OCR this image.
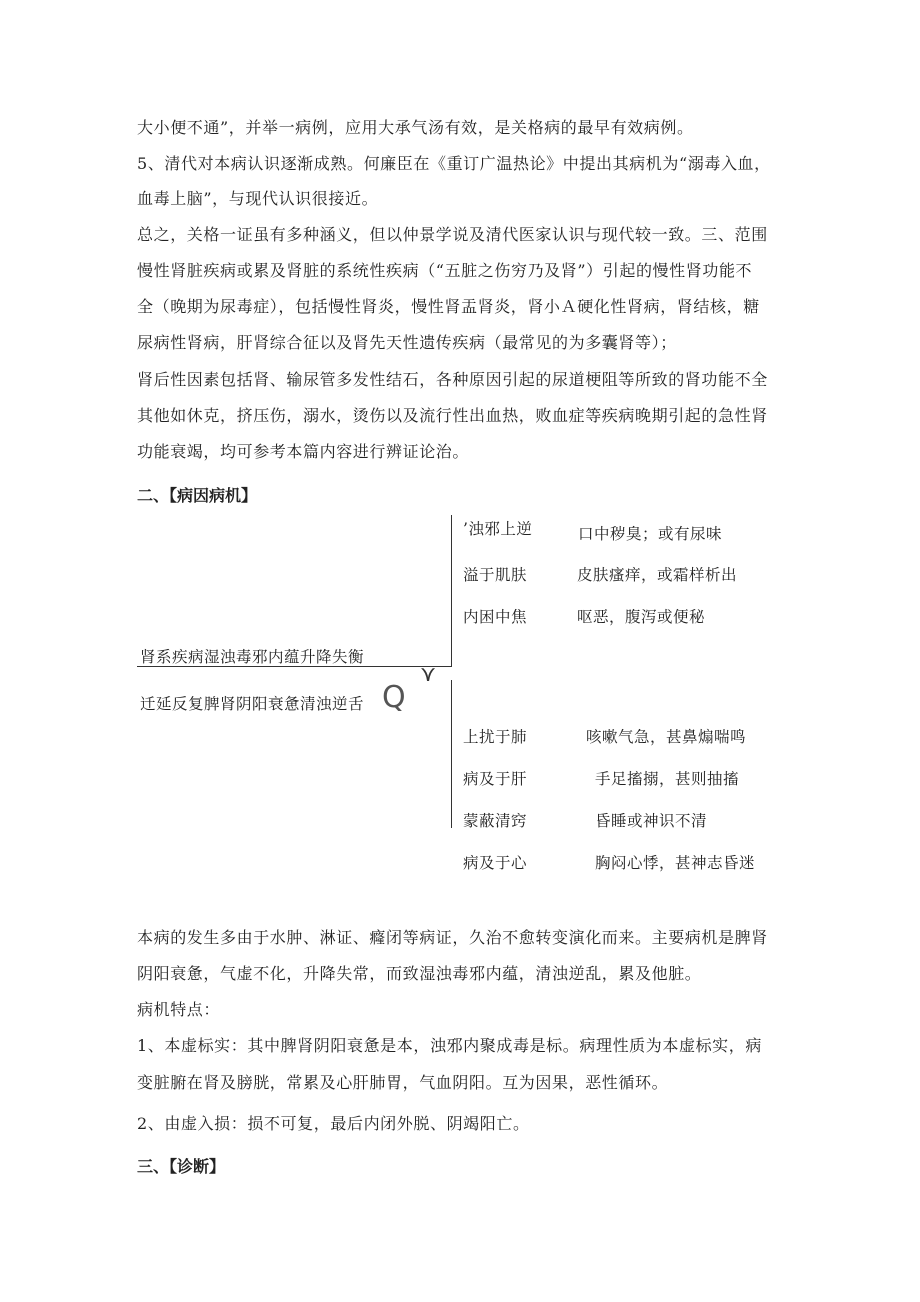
大小便不通”，并举一病例，应用大承气汤有效，是关格病的最早有效病例。
5、清代对本病认识逐渐成熟。何廉臣在《重订广温热论》中提出其病机为“溺毒入血，
血毒上脑”，与现代认识很接近。
总之，关格一证虽有多种涵义，但以仲景学说及清代医家认识与现代较一致。三、范围
慢性肾脏疾病或累及肾脏的系统性疾病（“五脏之伤穷乃及肾”）引起的慢性肾功能不
全（晚期为尿毒症），包括慢性肾炎，慢性肾盂肾炎，肾小Ａ硬化性肾病，肾结核，糖
尿病性肾病，肝肾综合征以及肾先天性遗传疾病（最常见的为多囊肾等）；
肾后性因素包括肾、输尿管多发性结石，各种原因引起的尿道梗阻等所致的肾功能不全
其他如休克，挤压伤，溺水，烫伤以及流行性出血热，败血症等疾病晚期引起的急性肾
功能衰竭，均可参考本篇内容进行辨证论治。
二、【病因病机】
肾系疾病湿浊毒邪内蕴升降失衡
迁延反复脾肾阴阳衰惫清浊逆舌 Q
⋎
’浊邪上逆	口中秽臭；或有尿味
溢于肌肤	皮肤瘙痒，或霜样析出
内困中焦	呕恶，腹泻或便秘
上扰于肺	咳嗽气急，甚鼻煽喘鸣
病及于肝	手足搐搦，甚则抽搐
蒙蔽清窍	昏睡或神识不清
病及于心	胸闷心悸，甚神志昏迷
本病的发生多由于水肿、淋证、癃闭等病证，久治不愈转变演化而来。主要病机是脾肾
阴阳衰惫，气虚不化，升降失常，而致湿浊毒邪内蕴，清浊逆乱，累及他脏。
病机特点：
1、本虚标实：其中脾肾阴阳衰惫是本，浊邪内聚成毒是标。病理性质为本虚标实，病
变脏腑在肾及膀胱，常累及心肝肺胃，气血阴阳。互为因果，恶性循环。
2、由虚入损：损不可复，最后内闭外脱、阴竭阳亡。
三、【诊断】
